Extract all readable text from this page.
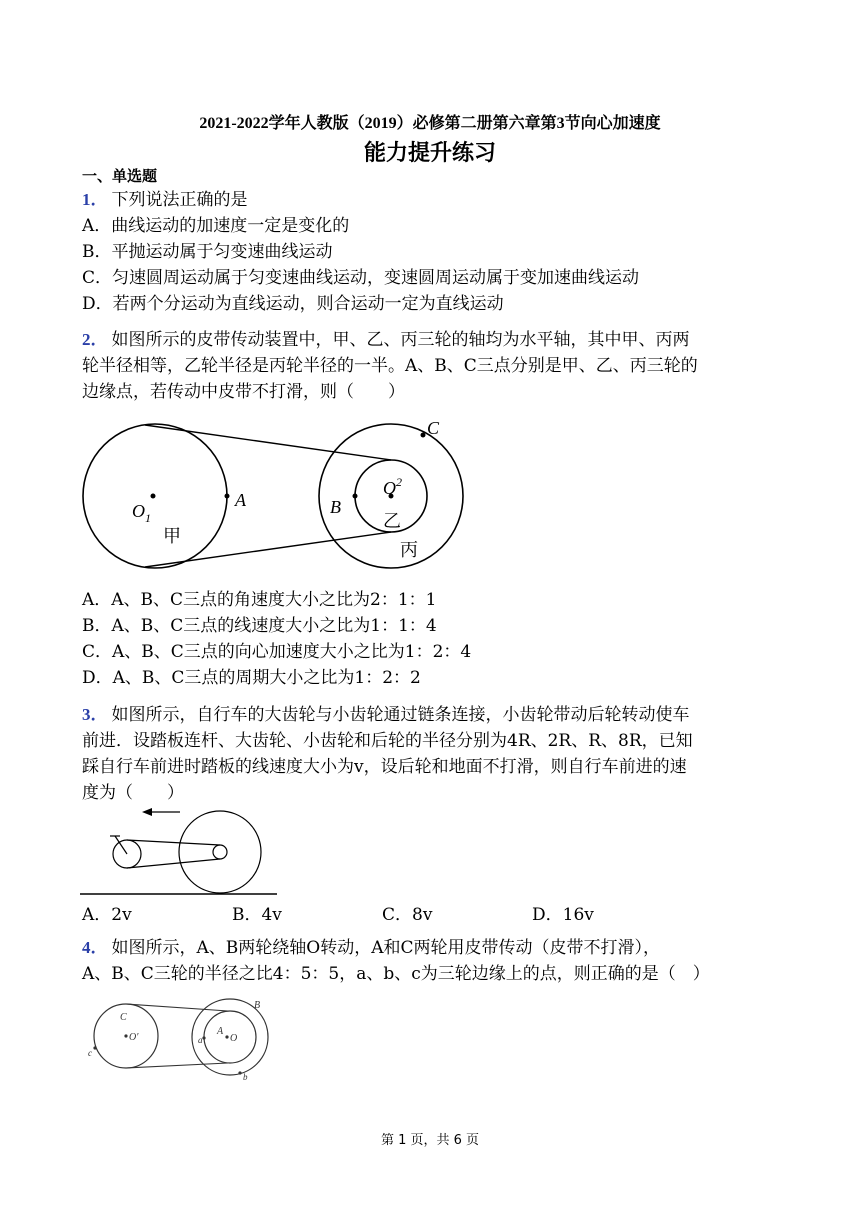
2021-2022学年人教版（2019）必修第二册第六章第3节向心加速度
能力提升练习
一、单选题
1． 下列说法正确的是
A．曲线运动的加速度一定是变化的
B．平抛运动属于匀变速曲线运动
C．匀速圆周运动属于匀变速曲线运动，变速圆周运动属于变加速曲线运动
D．若两个分运动为直线运动，则合运动一定为直线运动
2． 如图所示的皮带传动装置中，甲、乙、丙三轮的轴均为水平轴，其中甲、丙两
轮半径相等，乙轮半径是丙轮半径的一半。A、B、C三点分别是甲、乙、丙三轮的
边缘点，若传动中皮带不打滑，则（　　）
$O_1$
$O^2$
A	B
C
甲
乙
丙
A．A、B、C三点的角速度大小之比为2：1：1
B．A、B、C三点的线速度大小之比为1：1：4
C．A、B、C三点的向心加速度大小之比为1：2：4
D．A、B、C三点的周期大小之比为1：2：2
3． 如图所示，自行车的大齿轮与小齿轮通过链条连接，小齿轮带动后轮转动使车
前进．设踏板连杆、大齿轮、小齿轮和后轮的半径分别为4R、2R、R、8R，已知
踩自行车前进时踏板的线速度大小为v，设后轮和地面不打滑，则自行车前进的速
度为（　　）
A．2v	B．4v	C．8v	D．16v
4． 如图所示，A、B两轮绕轴O转动，A和C两轮用皮带传动（皮带不打滑），
A、B、C三轮的半径之比4：5：5，a、b、c为三轮边缘上的点，则正确的是（　）
C
O′
A
O
B
a
b
c
第 1 页，共 6 页
